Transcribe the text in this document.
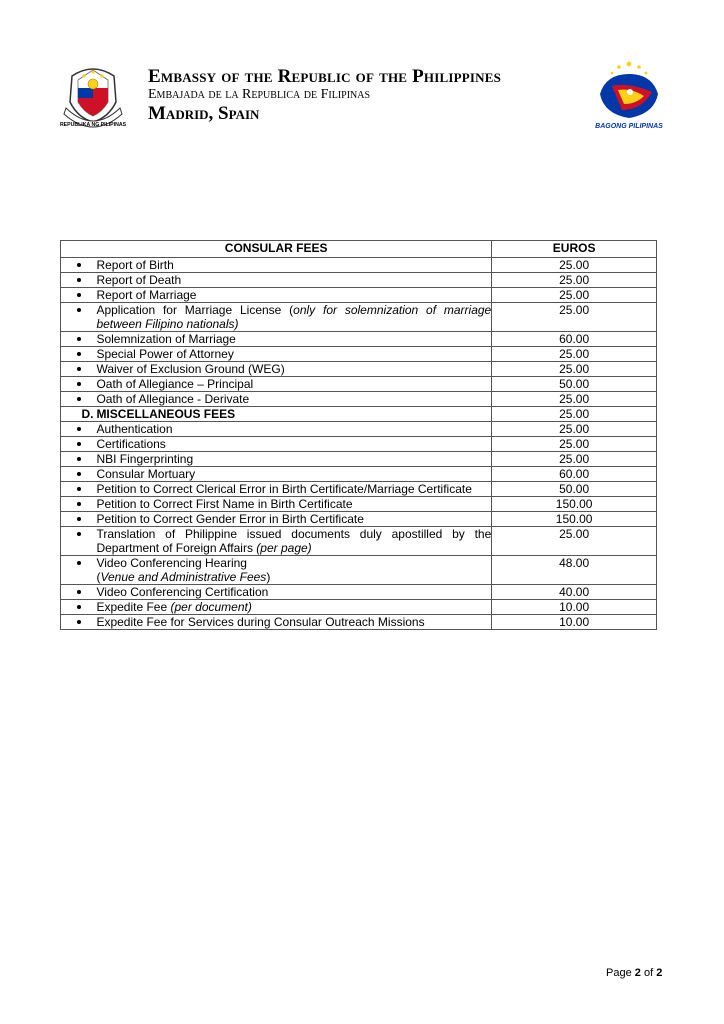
REPUBLIKA NG PILIPINAS
Embassy of the Republic of the Philippines
Embajada de la Republica de Filipinas
Madrid, Spain
BAGONG PILIPINAS
CONSULAR FEES		EUROS
	Report of Birth	25.00
	Report of Death	25.00
	Report of Marriage	25.00
	Application for Marriage License (only for solemnization of marriage between Filipino nationals)	25.00
	Solemnization of Marriage	60.00
	Special Power of Attorney	25.00
	Waiver of Exclusion Ground (WEG)	25.00
	Oath of Allegiance – Principal	50.00
	Oath of Allegiance - Derivate	25.00
D.	MISCELLANEOUS FEES	25.00
	Authentication	25.00
	Certifications	25.00
	NBI Fingerprinting	25.00
	Consular Mortuary	60.00
	Petition to Correct Clerical Error in Birth Certificate/Marriage Certificate	50.00
	Petition to Correct First Name in Birth Certificate	150.00
	Petition to Correct Gender Error in Birth Certificate	150.00
	Translation of Philippine issued documents duly apostilled by the Department of Foreign Affairs (per page)	25.00
	Video Conferencing Hearing
(Venue and Administrative Fees)	48.00
	Video Conferencing Certification	40.00
	Expedite Fee (per document)	10.00
	Expedite Fee for Services during Consular Outreach Missions	10.00
Page 2 of 2
